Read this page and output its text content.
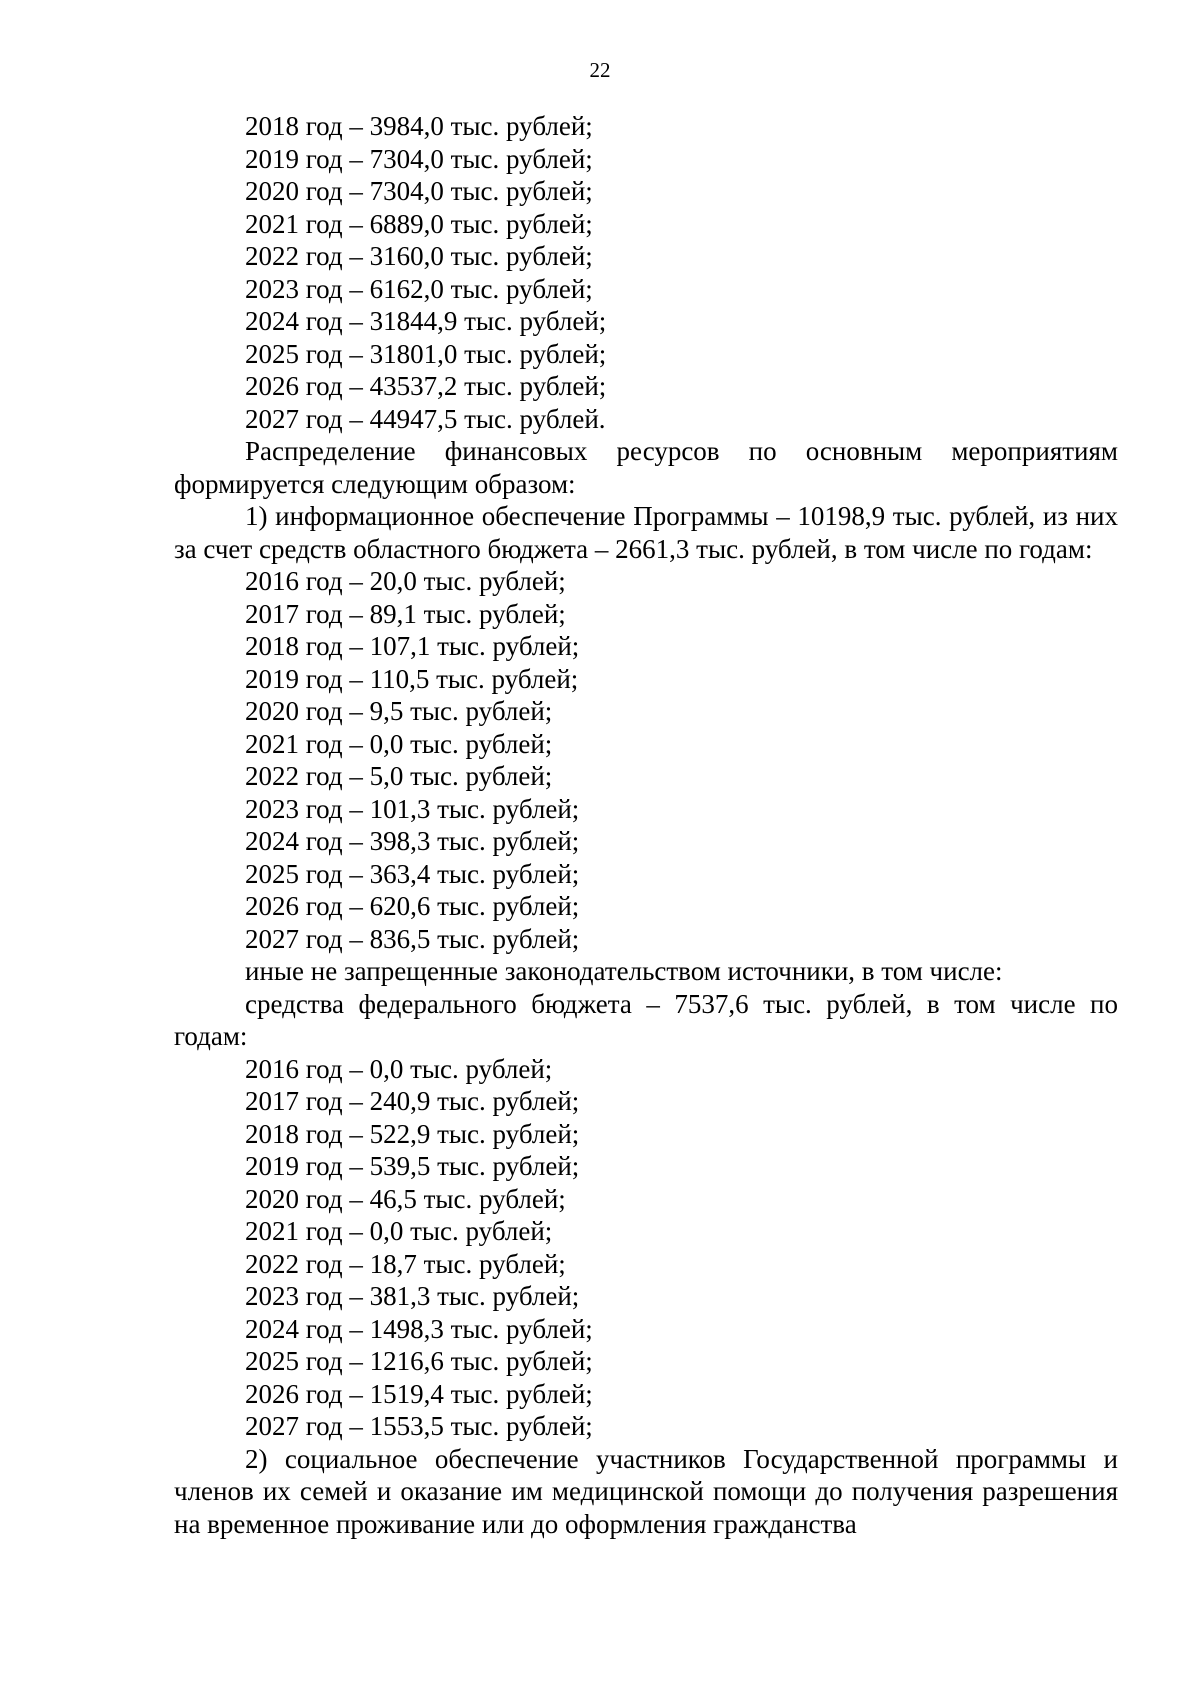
22

2018 год – 3984,0 тыс. рублей;

2019 год – 7304,0 тыс. рублей;

2020 год – 7304,0 тыс. рублей;

2021 год – 6889,0 тыс. рублей;

2022 год – 3160,0 тыс. рублей;

2023 год – 6162,0 тыс. рублей;

2024 год – 31844,9 тыс. рублей;

2025 год – 31801,0 тыс. рублей;

2026 год – 43537,2 тыс. рублей;

2027 год – 44947,5 тыс. рублей.

Распределение финансовых ресурсов по основным мероприятиям формируется следующим образом:

1) информационное обеспечение Программы – 10198,9 тыс. рублей, из них за счет средств областного бюджета – 2661,3 тыс. рублей, в том числе по годам:

2016 год – 20,0 тыс. рублей;

2017 год – 89,1 тыс. рублей;

2018 год – 107,1 тыс. рублей;

2019 год – 110,5 тыс. рублей;

2020 год – 9,5 тыс. рублей;

2021 год – 0,0 тыс. рублей;

2022 год – 5,0 тыс. рублей;

2023 год – 101,3 тыс. рублей;

2024 год – 398,3 тыс. рублей;

2025 год – 363,4 тыс. рублей;

2026 год – 620,6 тыс. рублей;

2027 год – 836,5 тыс. рублей;

иные не запрещенные законодательством источники, в том числе:

средства федерального бюджета – 7537,6 тыс. рублей, в том числе по годам:

2016 год – 0,0 тыс. рублей;

2017 год – 240,9 тыс. рублей;

2018 год – 522,9 тыс. рублей;

2019 год – 539,5 тыс. рублей;

2020 год – 46,5 тыс. рублей;

2021 год – 0,0 тыс. рублей;

2022 год – 18,7 тыс. рублей;

2023 год – 381,3 тыс. рублей;

2024 год – 1498,3 тыс. рублей;

2025 год – 1216,6 тыс. рублей;

2026 год – 1519,4 тыс. рублей;

2027 год – 1553,5 тыс. рублей;

2) социальное обеспечение участников Государственной программы и членов их семей и оказание им медицинской помощи до получения разрешения на временное проживание или до оформления гражданства
